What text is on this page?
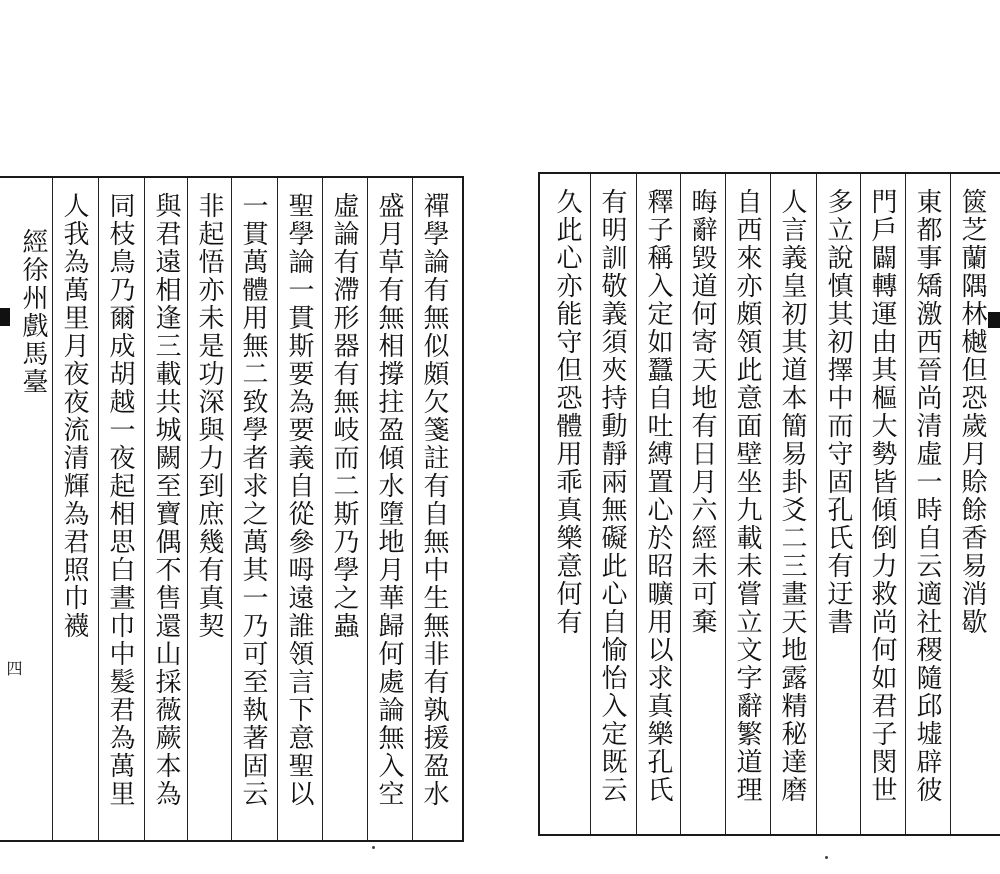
禪學論有無似頗欠箋註有自無中生無非有孰援盈水
盛月草有無相撐拄盈傾水墮地月華歸何處論無入空
虛論有滯形器有無岐而二斯乃學之蟲
聖學論一貫斯要為要義自從參呣遠誰領言下意聖以
一貫萬體用無二致學者求之萬其一乃可至執著固云
非起悟亦未是功深與力到庶幾有真契
與君遠相逢三載共城闕至寶偶不售還山採薇蕨本為
同枝鳥乃爾成胡越一夜起相思白晝巾中髮君為萬里
人我為萬里月夜夜流清輝為君照巾襪
經徐州戲馬臺
四
篋芝蘭隅林樾但恐歲月賒餘香易消歇
東都事矯激西晉尚清虛一時自云適社稷隨邱墟辟彼
門戶闢轉運由其樞大勢皆傾倒力救尚何如君子閔世
多立說慎其初擇中而守固孔氏有迂書
人言義皇初其道本簡易卦爻二三畫天地露精秘達磨
自西來亦頗領此意面壁坐九載未嘗立文字辭繁道理
晦辭毀道何寄天地有日月六經未可棄
釋子稱入定如蠶自吐縛置心於昭曠用以求真樂孔氏
有明訓敬義須夾持動靜兩無礙此心自愉怡入定既云
久此心亦能守但恐體用乖真樂意何有
